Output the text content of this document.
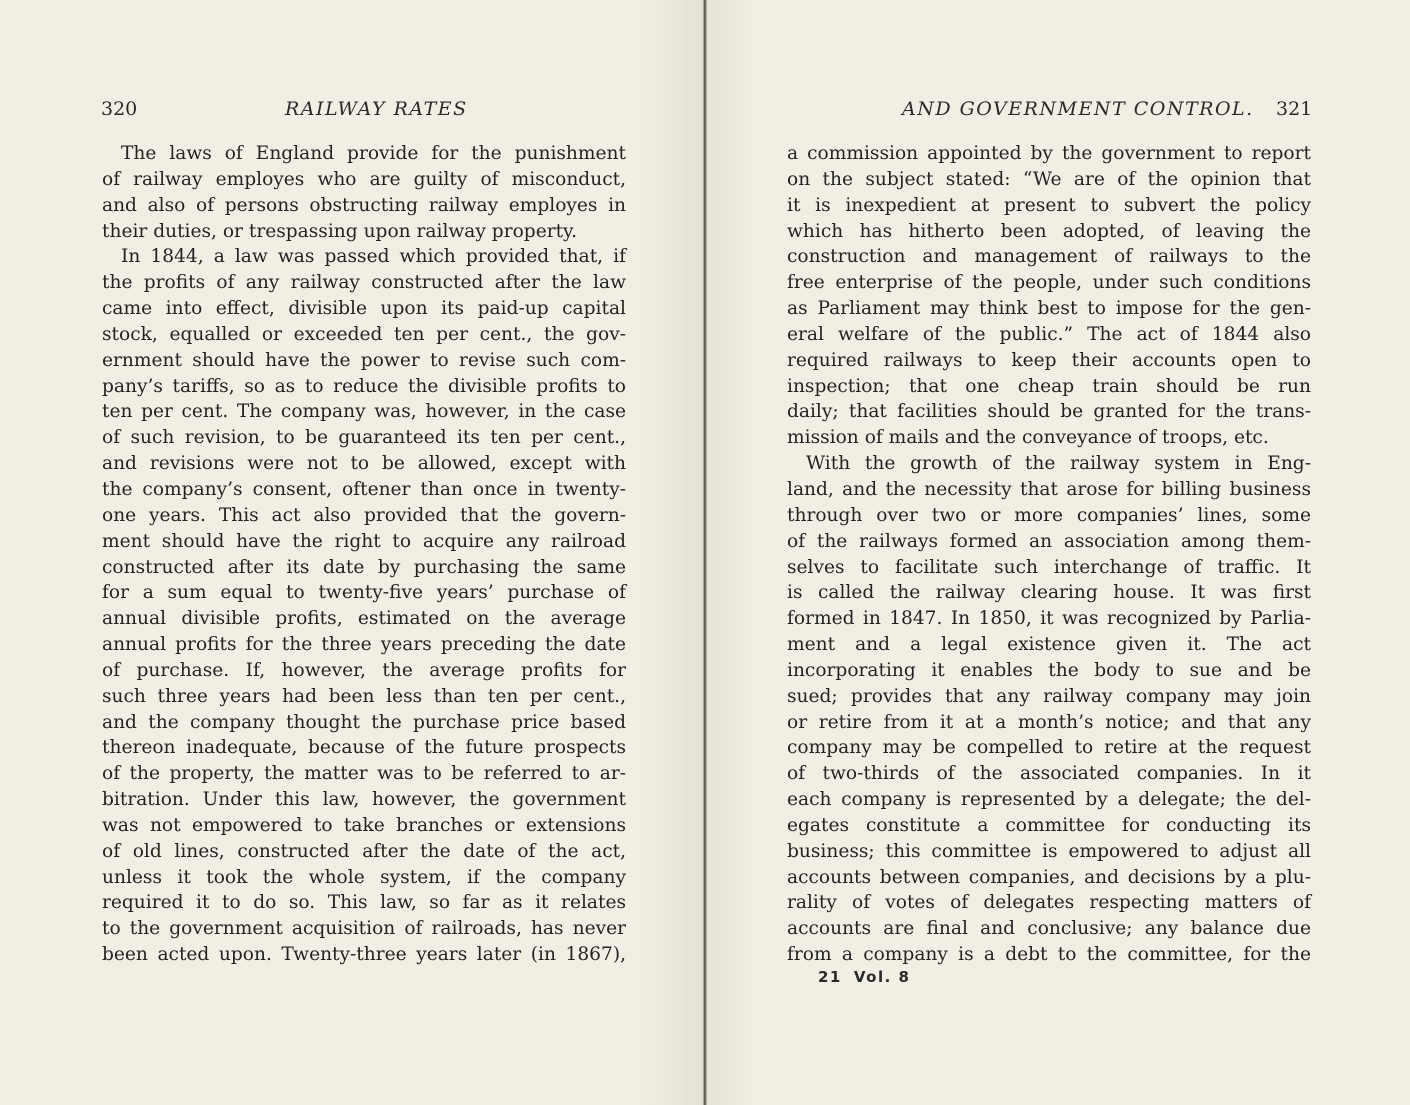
320	RAILWAY RATES	AND GOVERNMENT CONTROL. 321
The laws of England provide for the punishment
of railway employes who are guilty of misconduct,
and also of persons obstructing railway employes in
their duties, or trespassing upon railway property.
In 1844, a law was passed which provided that, if
the profits of any railway constructed after the law
came into effect, divisible upon its paid-up capital
stock, equalled or exceeded ten per cent., the gov-
ernment should have the power to revise such com-
pany’s tariffs, so as to reduce the divisible profits to
ten per cent. The company was, however, in the case
of such revision, to be guaranteed its ten per cent.,
and revisions were not to be allowed, except with
the company’s consent, oftener than once in twenty-
one years. This act also provided that the govern-
ment should have the right to acquire any railroad
constructed after its date by purchasing the same
for a sum equal to twenty-five years’ purchase of
annual divisible profits, estimated on the average
annual profits for the three years preceding the date
of purchase. If, however, the average profits for
such three years had been less than ten per cent.,
and the company thought the purchase price based
thereon inadequate, because of the future prospects
of the property, the matter was to be referred to ar-
bitration. Under this law, however, the government
was not empowered to take branches or extensions
of old lines, constructed after the date of the act,
unless it took the whole system, if the company
required it to do so. This law, so far as it relates
to the government acquisition of railroads, has never
been acted upon. Twenty-three years later (in 1867),
a commission appointed by the government to report
on the subject stated: “We are of the opinion that
it is inexpedient at present to subvert the policy
which has hitherto been adopted, of leaving the
construction and management of railways to the
free enterprise of the people, under such conditions
as Parliament may think best to impose for the gen-
eral welfare of the public.” The act of 1844 also
required railways to keep their accounts open to
inspection; that one cheap train should be run
daily; that facilities should be granted for the trans-
mission of mails and the conveyance of troops, etc.
With the growth of the railway system in Eng-
land, and the necessity that arose for billing business
through over two or more companies’ lines, some
of the railways formed an association among them-
selves to facilitate such interchange of traffic. It
is called the railway clearing house. It was first
formed in 1847. In 1850, it was recognized by Parlia-
ment and a legal existence given it. The act
incorporating it enables the body to sue and be
sued; provides that any railway company may join
or retire from it at a month’s notice; and that any
company may be compelled to retire at the request
of two-thirds of the associated companies. In it
each company is represented by a delegate; the del-
egates constitute a committee for conducting its
business; this committee is empowered to adjust all
accounts between companies, and decisions by a plu-
rality of votes of delegates respecting matters of
accounts are final and conclusive; any balance due
from a company is a debt to the committee, for the
21 Vol. 8
